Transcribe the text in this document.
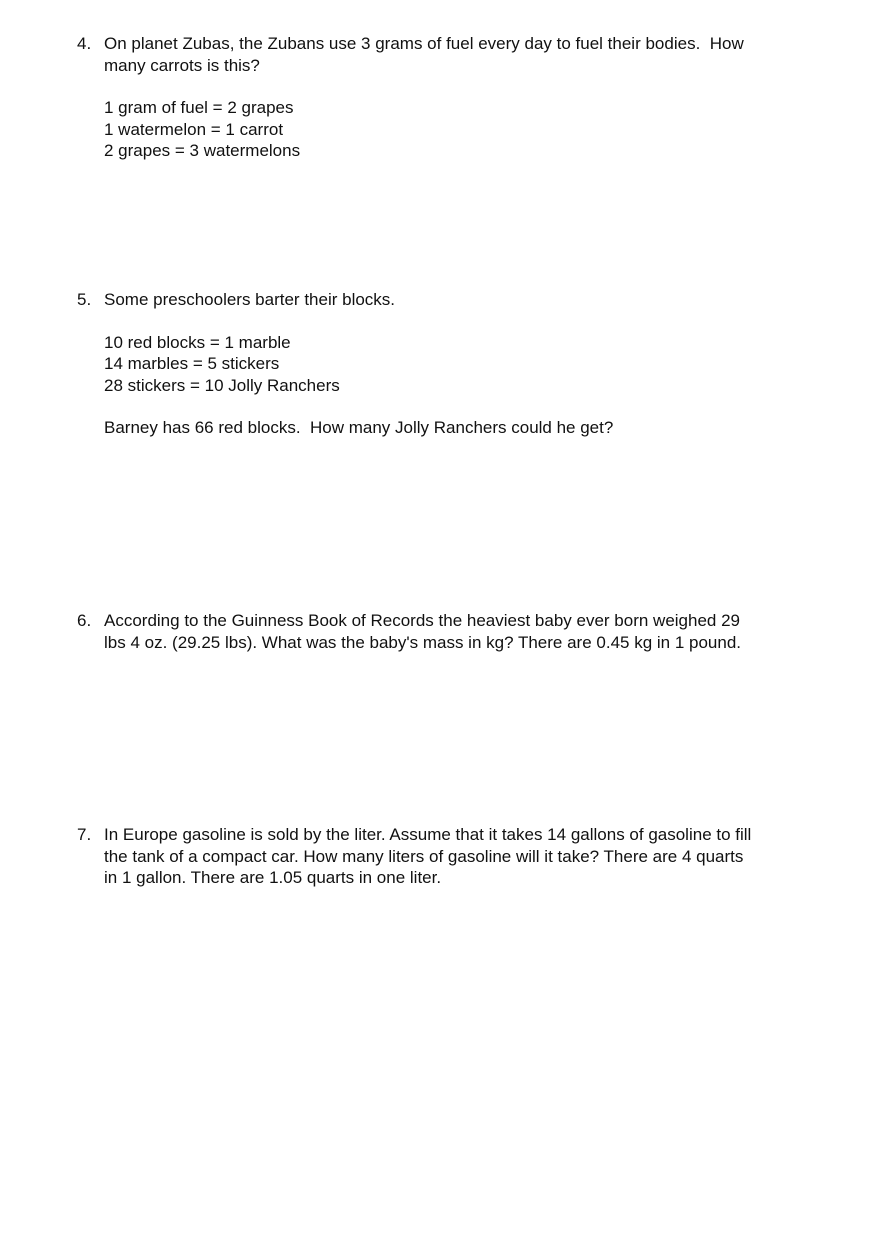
4. On planet Zubas, the Zubans use 3 grams of fuel every day to fuel their bodies.  How
many carrots is this?
1 gram of fuel = 2 grapes
1 watermelon = 1 carrot
2 grapes = 3 watermelons
5. Some preschoolers barter their blocks.
10 red blocks = 1 marble
14 marbles = 5 stickers
28 stickers = 10 Jolly Ranchers
Barney has 66 red blocks.  How many Jolly Ranchers could he get?
6. According to the Guinness Book of Records the heaviest baby ever born weighed 29
lbs 4 oz. (29.25 lbs). What was the baby's mass in kg? There are 0.45 kg in 1 pound.
7. In Europe gasoline is sold by the liter. Assume that it takes 14 gallons of gasoline to fill
the tank of a compact car. How many liters of gasoline will it take? There are 4 quarts
in 1 gallon. There are 1.05 quarts in one liter.
